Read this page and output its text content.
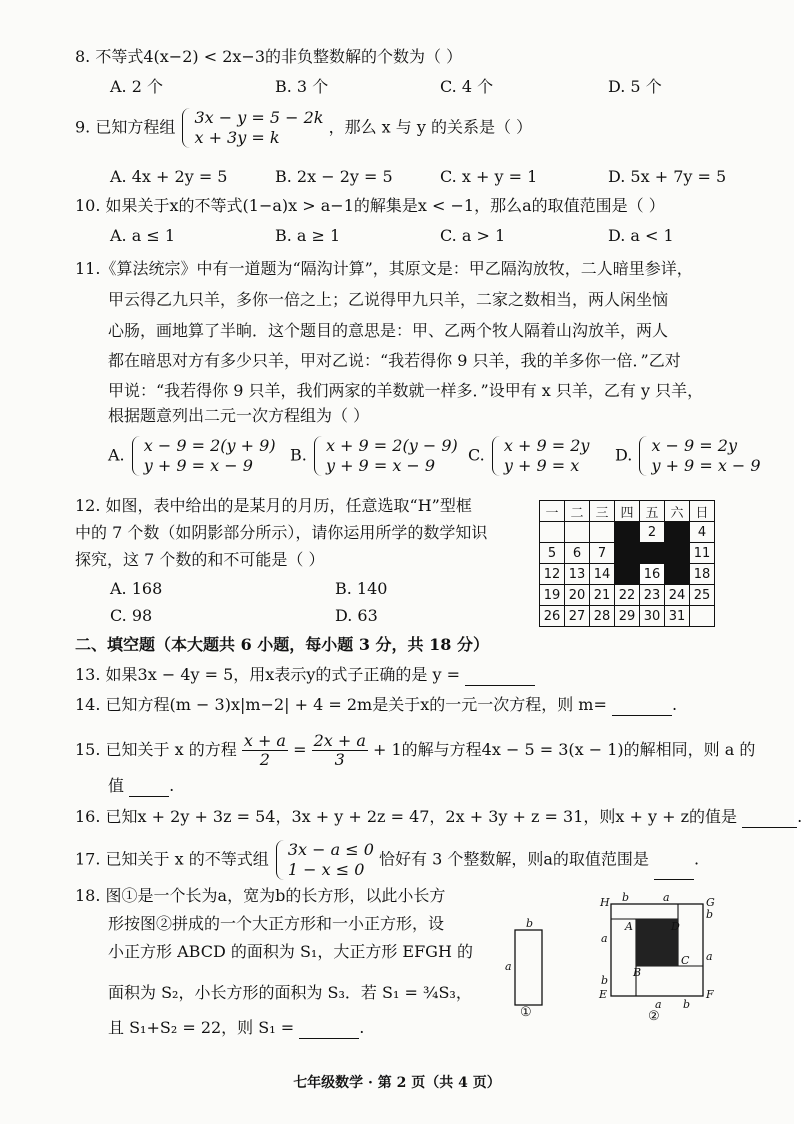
8. 不等式4(x−2) < 2x−3的非负整数解的个数为（ ）
A. 2 个	B. 3 个	C. 4 个	D. 5 个
9. 已知方程组 3x − y = 5 − 2k
x + 3y = k
，那么 x 与 y 的关系是（ ）
A. 4x + 2y = 5	B. 2x − 2y = 5	C. x + y = 1	D. 5x + 7y = 5
10. 如果关于x的不等式(1−a)x > a−1的解集是x < −1，那么a的取值范围是（ ）
A. a ≤ 1	B. a ≥ 1	C. a > 1	D. a < 1
11.《算法统宗》中有一道题为“隔沟计算”，其原文是：甲乙隔沟放牧，二人暗里参详，
甲云得乙九只羊，多你一倍之上；乙说得甲九只羊，二家之数相当，两人闲坐恼
心肠，画地算了半晌．这个题目的意思是：甲、乙两个牧人隔着山沟放羊，两人
都在暗思对方有多少只羊，甲对乙说：“我若得你 9 只羊，我的羊多你一倍．”乙对
甲说：“我若得你 9 只羊，我们两家的羊数就一样多．”设甲有 x 只羊，乙有 y 只羊，
根据题意列出二元一次方程组为（ ）
A. x − 9 = 2(y + 9)
y + 9 = x − 9
B. x + 9 = 2(y − 9)
y + 9 = x − 9
C. x + 9 = 2y
y + 9 = x
D. x − 9 = 2y
y + 9 = x − 9
12. 如图，表中给出的是某月的月历，任意选取“H”型框
中的 7 个数（如阴影部分所示），请你运用所学的数学知识
探究，这 7 个数的和不可能是（ ）
A. 168	B. 140
C. 98	D. 63
一	二	三	四	五	六	日
				2		4
5	6	7				11
12	13	14		16		18
19	20	21	22	23	24	25
26	27	28	29	30	31	
二、填空题（本大题共 6 小题，每小题 3 分，共 18 分）
13. 如果3x − 4y = 5，用x表示y的式子正确的是 y =
14. 已知方程(m − 3)x|m−2| + 4 = 2m是关于x的一元一次方程，则 m=	.
15. 已知关于 x 的方程 $\frac{x + a}{2} = \frac{2x + a}{3} + 1$的解与方程4x − 5 = 3(x − 1)的解相同，则 a 的
值	.
16. 已知x + 2y + 3z = 54，3x + y + 2z = 47，2x + 3y + z = 31，则x + y + z的值是	.
17. 已知关于 x 的不等式组 3x − a ≤ 0
1 − x ≤ 0
恰好有 3 个整数解，则a的取值范围是	.
18. 图①是一个长为a，宽为b的长方形，以此小长方
形按图②拼成的一个大正方形和一小正方形，设
小正方形 ABCD 的面积为 S₁，大正方形 EFGH 的
面积为 S₂，小长方形的面积为 S₃．若 S₁ = ¾S₃，
且 S₁+S₂ = 22，则 S₁ =	.
b
a
①
b	a
H	G
b
a
a
b
E	F
A	D
B
C
a b
②
七年级数学 · 第 2 页（共 4 页）
